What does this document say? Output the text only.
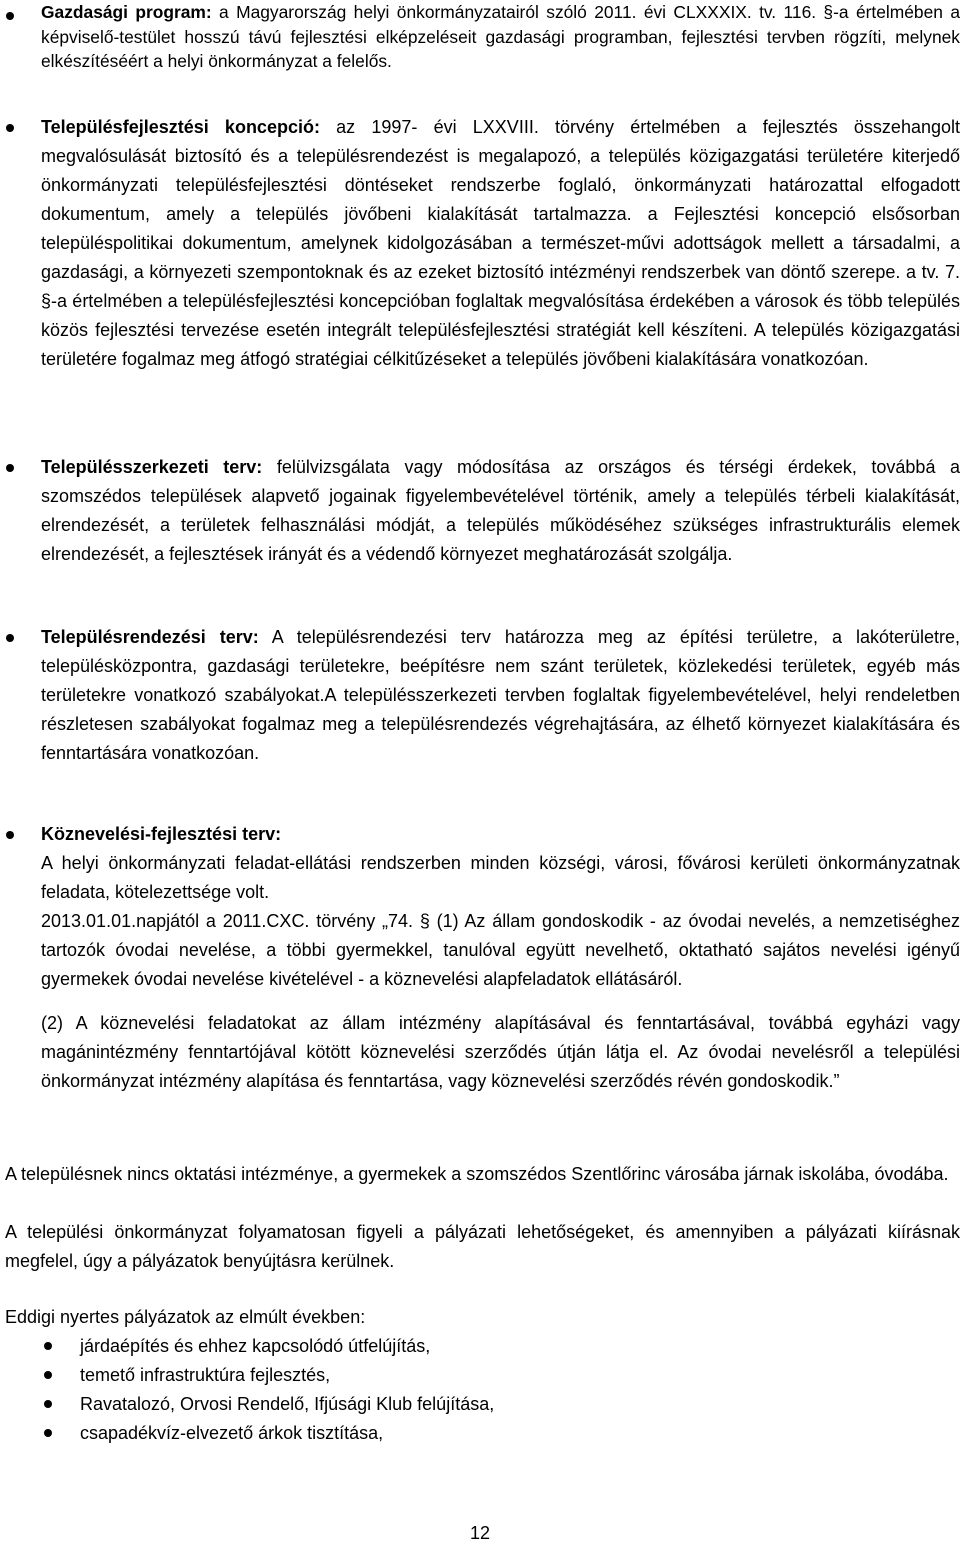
Gazdasági program: a Magyarország helyi önkormányzatairól szóló 2011. évi CLXXXIX. tv. 116. §-a értelmében a képviselő-testület hosszú távú fejlesztési elképzeléseit gazdasági programban, fejlesztési tervben rögzíti, melynek elkészítéséért a helyi önkormányzat a felelős.
Településfejlesztési koncepció: az 1997- évi LXXVIII. törvény értelmében a fejlesztés összehangolt megvalósulását biztosító és a településrendezést is megalapozó, a település közigazgatási területére kiterjedő önkormányzati településfejlesztési döntéseket rendszerbe foglaló, önkormányzati határozattal elfogadott dokumentum, amely a település jövőbeni kialakítását tartalmazza. a Fejlesztési koncepció elsősorban településpolitikai dokumentum, amelynek kidolgozásában a természet-művi adottságok mellett a társadalmi, a gazdasági, a környezeti szempontoknak és az ezeket biztosító intézményi rendszerbek van döntő szerepe. a tv. 7. §-a értelmében a településfejlesztési koncepcióban foglaltak megvalósítása érdekében a városok és több település közös fejlesztési tervezése esetén integrált településfejlesztési stratégiát kell készíteni. A település közigazgatási területére fogalmaz meg átfogó stratégiai célkitűzéseket a település jövőbeni kialakítására vonatkozóan.
Településszerkezeti terv: felülvizsgálata vagy módosítása az országos és térségi érdekek, továbbá a szomszédos települések alapvető jogainak figyelembevételével történik, amely a település térbeli kialakítását, elrendezését, a területek felhasználási módját, a település működéséhez szükséges infrastrukturális elemek elrendezését, a fejlesztések irányát és a védendő környezet meghatározását szolgálja.
Településrendezési terv: A településrendezési terv határozza meg az építési területre, a lakóterületre, településközpontra, gazdasági területekre, beépítésre nem szánt területek, közlekedési területek, egyéb más területekre vonatkozó szabályokat.A településszerkezeti tervben foglaltak figyelembevételével, helyi rendeletben részletesen szabályokat fogalmaz meg a településrendezés végrehajtására, az élhető környezet kialakítására és fenntartására vonatkozóan.
Köznevelési-fejlesztési terv:
A helyi önkormányzati feladat-ellátási rendszerben minden községi, városi, fővárosi kerületi önkormányzatnak feladata, kötelezettsége volt.
2013.01.01.napjától a 2011.CXC. törvény „74. § (1) Az állam gondoskodik - az óvodai nevelés, a nemzetiséghez tartozók óvodai nevelése, a többi gyermekkel, tanulóval együtt nevelhető, oktatható sajátos nevelési igényű gyermekek óvodai nevelése kivételével - a köznevelési alapfeladatok ellátásáról.
(2) A köznevelési feladatokat az állam intézmény alapításával és fenntartásával, továbbá egyházi vagy magánintézmény fenntartójával kötött köznevelési szerződés útján látja el. Az óvodai nevelésről a települési önkormányzat intézmény alapítása és fenntartása, vagy köznevelési szerződés révén gondoskodik.”
A településnek nincs oktatási intézménye, a gyermekek a szomszédos Szentlőrinc városába járnak iskolába, óvodába.
A települési önkormányzat folyamatosan figyeli a pályázati lehetőségeket, és amennyiben a pályázati kiírásnak megfelel, úgy a pályázatok benyújtásra kerülnek.
Eddigi nyertes pályázatok az elmúlt években:
járdaépítés és ehhez kapcsolódó útfelújítás,
temető infrastruktúra fejlesztés,
Ravatalozó, Orvosi Rendelő, Ifjúsági Klub felújítása,
csapadékvíz-elvezető árkok tisztítása,
12
